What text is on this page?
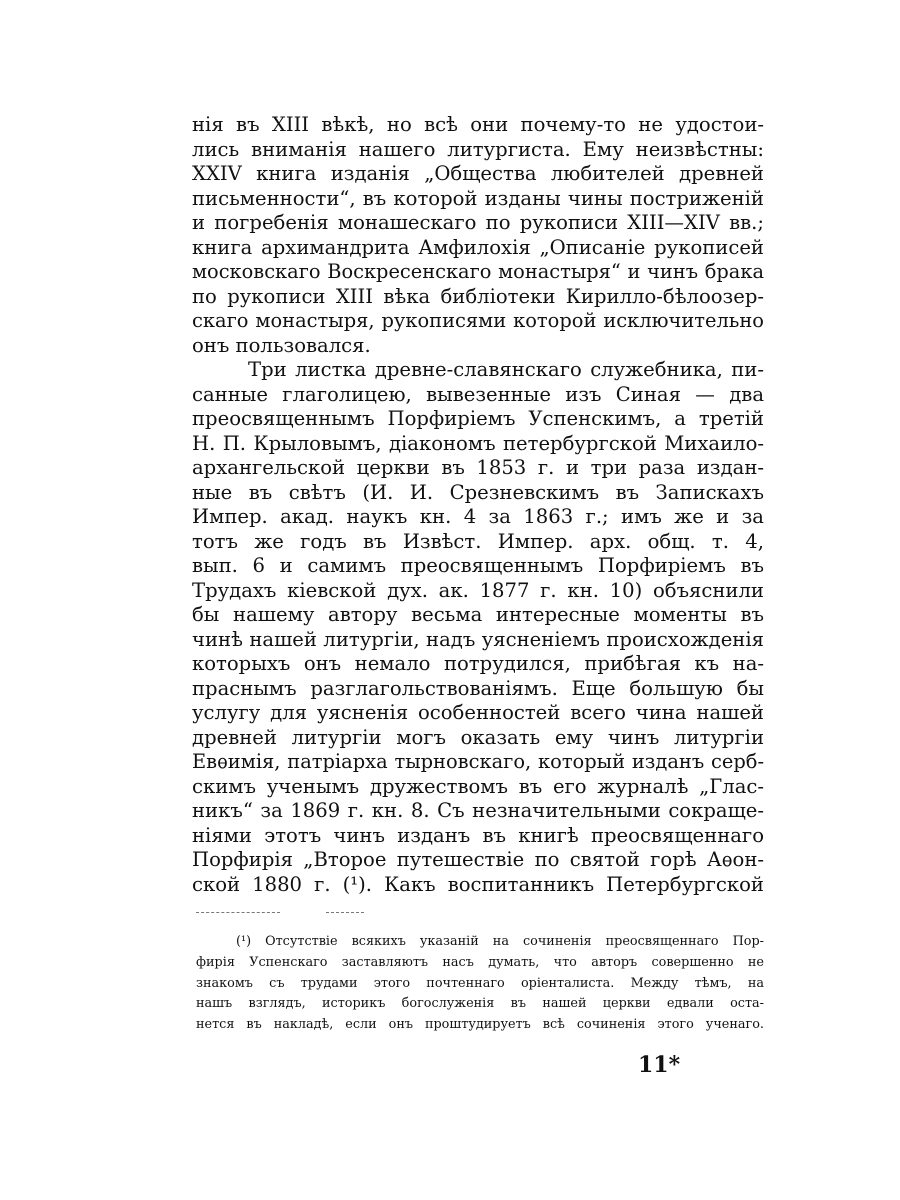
нія въ XIII вѣкѣ, но всѣ они почему-то не удостои-
лись вниманія нашего литургиста. Ему неизвѣстны:
XXIV книга изданія „Общества любителей древней
письменности“, въ которой изданы чины постриженій
и погребенія монашескаго по рукописи XIII—XIV вв.;
книга архимандрита Амфилохія „Описаніе рукописей
московскаго Воскресенскаго монастыря“ и чинъ брака
по рукописи XIII вѣка библіотеки Кирилло-бѣлоозер-
скаго монастыря, рукописями которой исключительно
онъ пользовался.
Три листка древне-славянскаго служебника, пи-
санные глаголицею, вывезенные изъ Синая — два
преосвященнымъ Порфиріемъ Успенскимъ, а третій
Н. П. Крыловымъ, діакономъ петербургской Михаило-
архангельской церкви въ 1853 г. и три раза издан-
ные въ свѣтъ (И. И. Срезневскимъ въ Запискахъ
Импер. акад. наукъ кн. 4 за 1863 г.; имъ же и за
тотъ же годъ въ Извѣст. Импер. арх. общ. т. 4,
вып. 6 и самимъ преосвященнымъ Порфиріемъ въ
Трудахъ кіевской дух. ак. 1877 г. кн. 10) объяснили
бы нашему автору весьма интересные моменты въ
чинѣ нашей литургіи, надъ уясненіемъ происхожденія
которыхъ онъ немало потрудился, прибѣгая къ на-
праснымъ разглагольствованіямъ. Еще большую бы
услугу для уясненія особенностей всего чина нашей
древней литургіи могъ оказать ему чинъ литургіи
Евѳимія, патріарха тырновскаго, который изданъ серб-
скимъ ученымъ дружествомъ въ его журналѣ „Глас-
никъ“ за 1869 г. кн. 8. Съ незначительными сокраще-
ніями этотъ чинъ изданъ въ книгѣ преосвященнаго
Порфирія „Второе путешествіе по святой горѣ Аѳон-
ской 1880 г. (¹). Какъ воспитанникъ Петербургской
(¹) Отсутствіе всякихъ указаній на сочиненія преосвященнаго Пор-
фирія Успенскаго заставляютъ насъ думать, что авторъ совершенно не
знакомъ съ трудами этого почтеннаго оріенталиста. Между тѣмъ, на
нашъ взглядъ, историкъ богослуженія въ нашей церкви едвали оста-
нется въ накладѣ, если онъ проштудируетъ всѣ сочиненія этого ученаго.
11*
